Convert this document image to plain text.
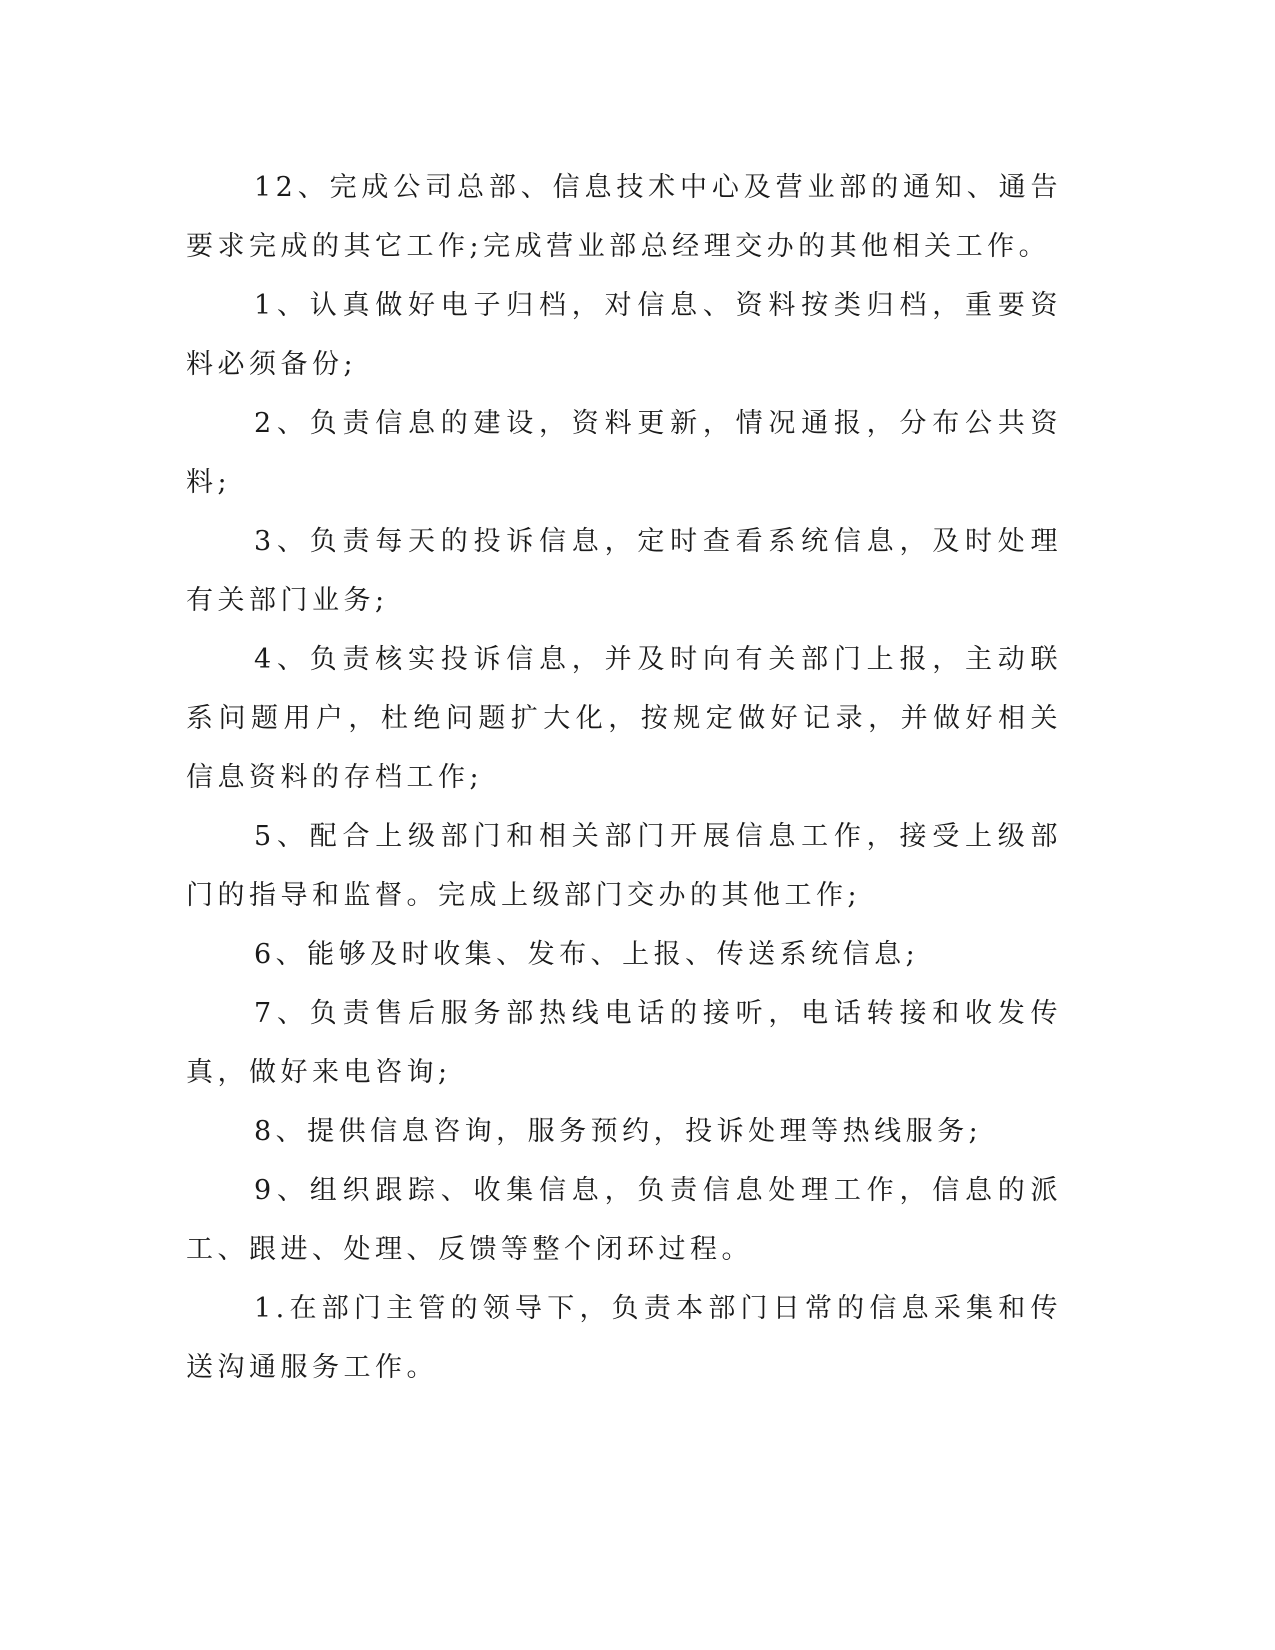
12、完成公司总部、信息技术中心及营业部的通知、通告要求完成的其它工作;完成营业部总经理交办的其他相关工作。

1、认真做好电子归档，对信息、资料按类归档，重要资料必须备份;

2、负责信息的建设，资料更新，情况通报，分布公共资料;

3、负责每天的投诉信息，定时查看系统信息，及时处理有关部门业务;

4、负责核实投诉信息，并及时向有关部门上报，主动联系问题用户，杜绝问题扩大化，按规定做好记录，并做好相关信息资料的存档工作;

5、配合上级部门和相关部门开展信息工作，接受上级部门的指导和监督。完成上级部门交办的其他工作;

6、能够及时收集、发布、上报、传送系统信息;

7、负责售后服务部热线电话的接听，电话转接和收发传真，做好来电咨询;

8、提供信息咨询，服务预约，投诉处理等热线服务;

9、组织跟踪、收集信息，负责信息处理工作，信息的派工、跟进、处理、反馈等整个闭环过程。

1.在部门主管的领导下，负责本部门日常的信息采集和传送沟通服务工作。
